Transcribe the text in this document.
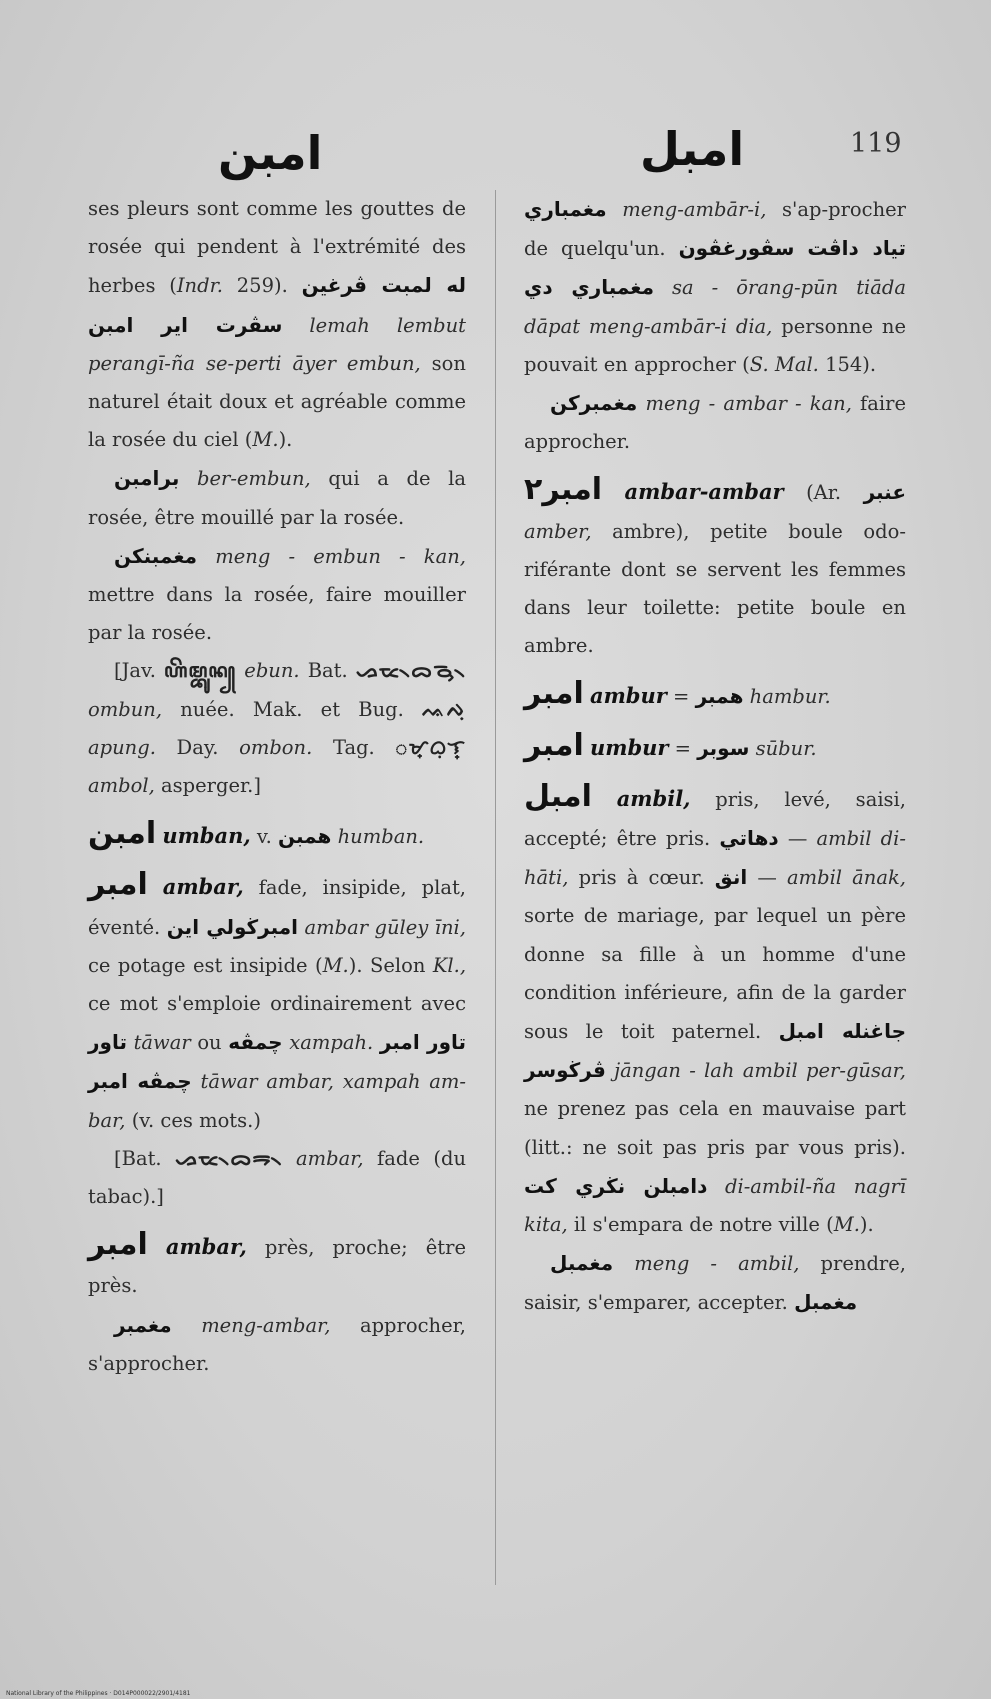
امبن	امبل	119

ses pleurs sont comme les gouttes de rosée qui pendent à l'extrémité des herbes (Indr. 259). له لمبت ڤرغين سڤرت اير امبن lemah lembut perangī-ña se-perti āyer embun, son naturel était doux et agréable comme la rosée du ciel (M.).

برامبن ber-embun, qui a de la rosée, être mouillé par la rosée.

مغمبنكن meng - embun - kan, mettre dans la rosée, faire mouiller par la rosée.

[Jav. ꦲꦼꦩ꧀ꦧꦸꦤ꧀ ebun. Bat. ᯀᯔ᯲ᯅᯮᯉ᯲ ombun, nuée. Mak. et Bug. ᨕᨄᨘ apung. Day. ombon. Tag. ᜀᜋ᜔ᜊᜓᜎ᜔ ambol, asperger.]

امبن umban, v. همبن humban.

امبر ambar, fade, insipide, plat, éventé. امبرڬولي اين ambar gūley īni, ce potage est insipide (M.). Selon Kl., ce mot s'emploie ordinairement avec تاور tāwar ou چمڤه xampah. تاور امبر چمڤه امبر tāwar ambar, xampah am-bar, (v. ces mots.)

[Bat. ᯀᯔ᯲ᯅᯒ᯲ ambar, fade (du tabac).]

امبر ambar, près, proche; être près.

مغمبر meng-ambar, approcher, s'approcher.

مغمباري meng-ambār-i, s'ap-procher de quelqu'un. سڤورغڤون تياد داڤت مغمباري دي sa - ōrang-pūn tiāda dāpat meng-ambār-i dia, personne ne pouvait en approcher (S. Mal. 154).

مغمبركن meng - ambar - kan, faire approcher.

امبر٢ ambar-ambar (Ar. عنبر amber, ambre), petite boule odo-riférante dont se servent les femmes dans leur toilette: petite boule en ambre.

امبر ambur = همبر hambur.

امبر umbur = سوبر sūbur.

امبل ambil, pris, levé, saisi, accepté; être pris. دهاتي — ambil di-hāti, pris à cœur. انق — ambil ānak, sorte de mariage, par lequel un père donne sa fille à un homme d'une condition inférieure, afin de la garder sous le toit paternel. جاغنله امبل ڤرڬوسر jāngan - lah ambil per-gūsar, ne prenez pas cela en mauvaise part (litt.: ne soit pas pris par vous pris). دامبلن نڬري كت di-ambil-ña nagrī kita, il s'empara de notre ville (M.).

مغمبل meng - ambil, prendre, saisir, s'emparer, accepter. مغمبل

National Library of the Philippines · D014P000022/2901/4181
